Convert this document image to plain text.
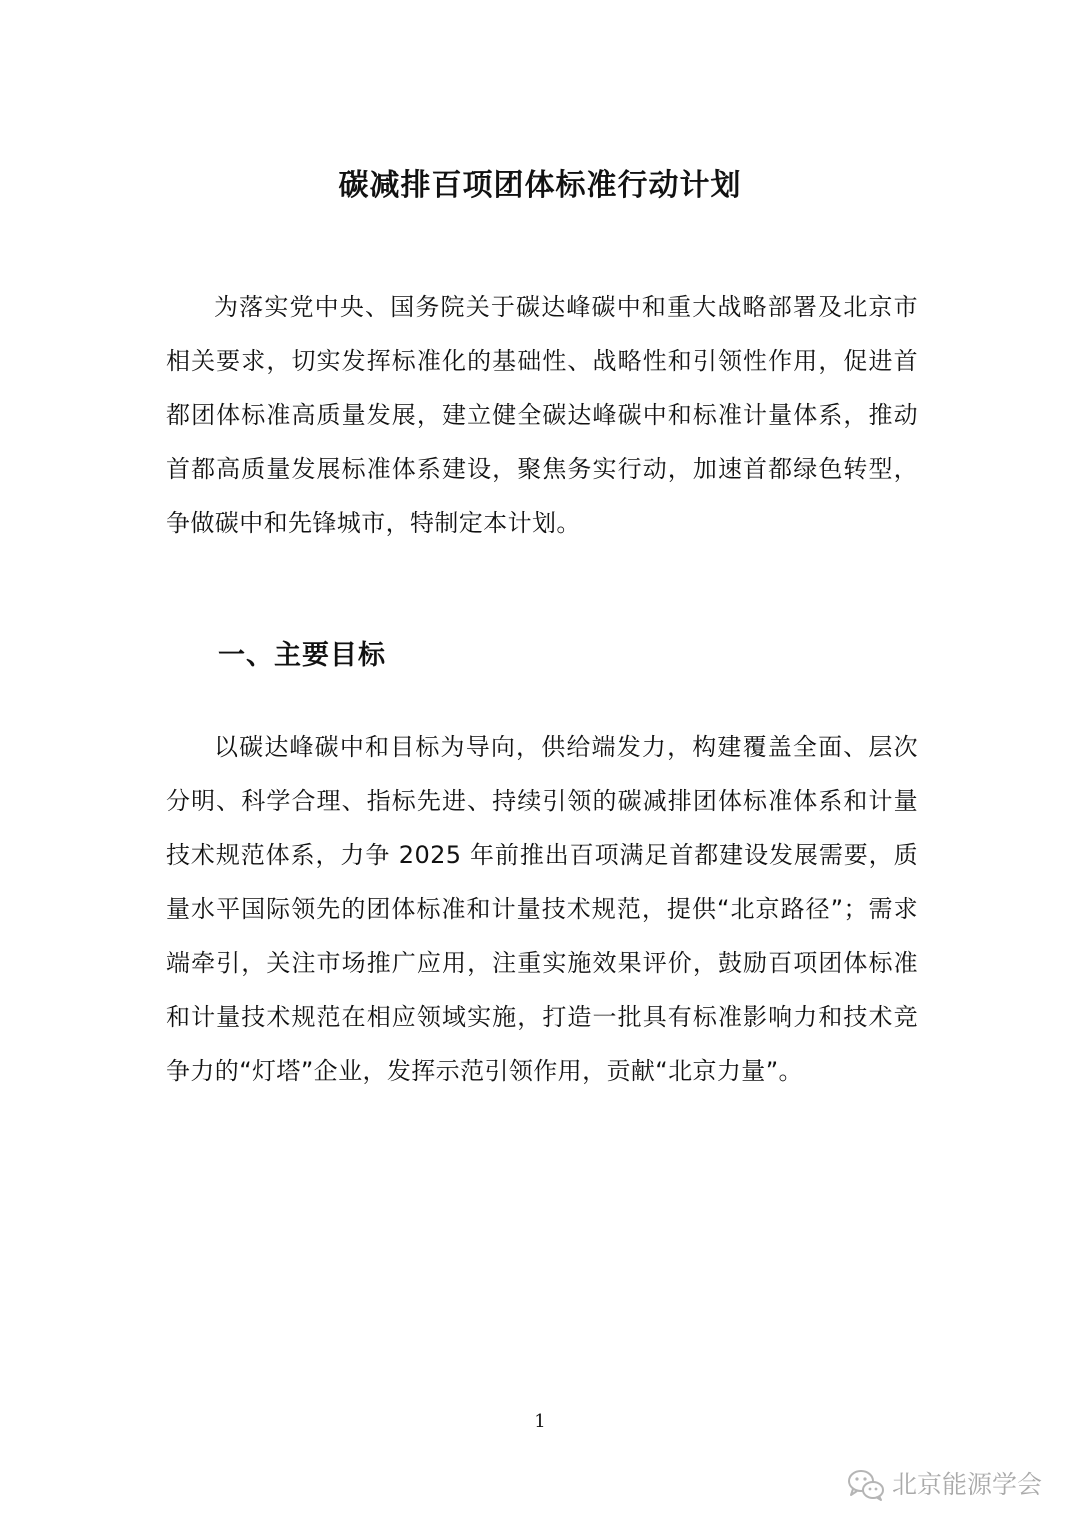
碳减排百项团体标准行动计划

为落实党中央、国务院关于碳达峰碳中和重大战略部署及北京市相关要求，切实发挥标准化的基础性、战略性和引领性作用，促进首都团体标准高质量发展，建立健全碳达峰碳中和标准计量体系，推动首都高质量发展标准体系建设，聚焦务实行动，加速首都绿色转型，争做碳中和先锋城市，特制定本计划。

一、主要目标

以碳达峰碳中和目标为导向，供给端发力，构建覆盖全面、层次分明、科学合理、指标先进、持续引领的碳减排团体标准体系和计量技术规范体系，力争 2025 年前推出百项满足首都建设发展需要，质量水平国际领先的团体标准和计量技术规范，提供“北京路径”；需求端牵引，关注市场推广应用，注重实施效果评价，鼓励百项团体标准和计量技术规范在相应领域实施，打造一批具有标准影响力和技术竞争力的“灯塔”企业，发挥示范引领作用，贡献“北京力量”。

1
北京能源学会
